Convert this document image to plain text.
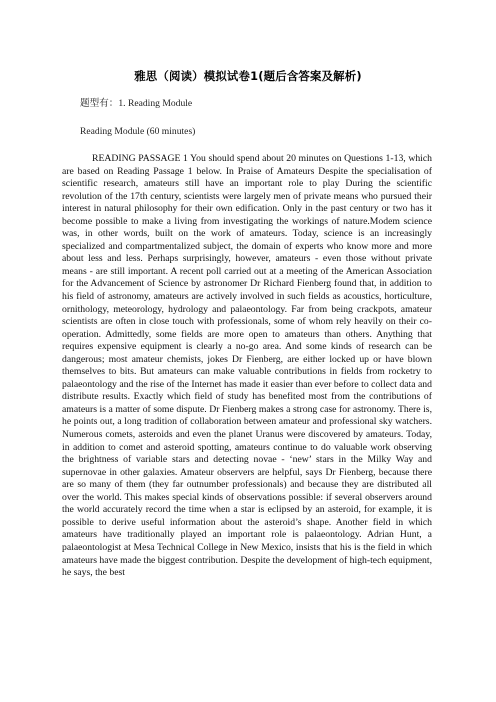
雅思（阅读）模拟试卷1(题后含答案及解析)
题型有：1. Reading Module
Reading Module (60 minutes)

READING PASSAGE 1 You should spend about 20 minutes on Questions 1-13, which are based on Reading Passage 1 below. In Praise of Amateurs Despite the specialisation of scientific research, amateurs still have an important role to play During the scientific revolution of the 17th century, scientists were largely men of private means who pursued their interest in natural philosophy for their own edification. Only in the past century or two has it become possible to make a living from investigating the workings of nature.Modem science was, in other words, built on the work of amateurs. Today, science is an increasingly specialized and compartmentalized subject, the domain of experts who know more and more about less and less. Perhaps surprisingly, however, amateurs - even those without private means - are still important. A recent poll carried out at a meeting of the American Association for the Advancement of Science by astronomer Dr Richard Fienberg found that, in addition to his field of astronomy, amateurs are actively involved in such fields as acoustics, horticulture, ornithology, meteorology, hydrology and palaeontology. Far from being crackpots, amateur scientists are often in close touch with professionals, some of whom rely heavily on their co-operation. Admittedly, some fields are more open to amateurs than others. Anything that requires expensive equipment is clearly a no-go area. And some kinds of research can be dangerous; most amateur chemists, jokes Dr Fienberg, are either locked up or have blown themselves to bits. But amateurs can make valuable contributions in fields from rocketry to palaeontology and the rise of the Internet has made it easier than ever before to collect data and distribute results. Exactly which field of study has benefited most from the contributions of amateurs is a matter of some dispute. Dr Fienberg makes a strong case for astronomy. There is, he points out, a long tradition of collaboration between amateur and professional sky watchers. Numerous comets, asteroids and even the planet Uranus were discovered by amateurs. Today, in addition to comet and asteroid spotting, amateurs continue to do valuable work observing the brightness of variable stars and detecting novae - ‘new’ stars in the Milky Way and supernovae in other galaxies. Amateur observers are helpful, says Dr Fienberg, because there are so many of them (they far outnumber professionals) and because they are distributed all over the world. This makes special kinds of observations possible: if several observers around the world accurately record the time when a star is eclipsed by an asteroid, for example, it is possible to derive useful information about the asteroid’s shape. Another field in which amateurs have traditionally played an important role is palaeontology. Adrian Hunt, a palaeontologist at Mesa Technical College in New Mexico, insists that his is the field in which amateurs have made the biggest contribution. Despite the development of high-tech equipment, he says, the best
